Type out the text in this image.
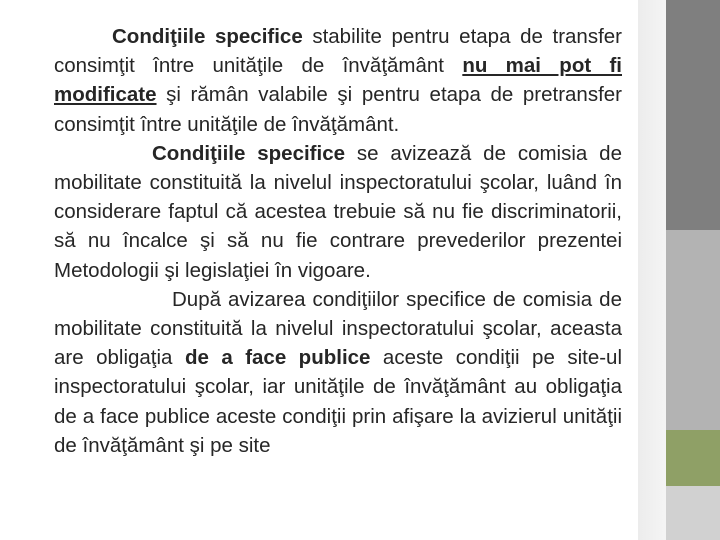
Condiţiile specifice stabilite pentru etapa de transfer consimţit între unităţile de învăţământ nu mai pot fi modificate şi rămân valabile şi pentru etapa de pretransfer consimţit între unităţile de învăţământ.

Condiţiile specifice se avizează de comisia de mobilitate constituită la nivelul inspectoratului şcolar, luând în considerare faptul că acestea trebuie să nu fie discriminatorii, să nu încalce şi să nu fie contrare prevederilor prezentei Metodologii şi legislaţiei în vigoare.

După avizarea condiţiilor specifice de comisia de mobilitate constituită la nivelul inspectoratului şcolar, aceasta are obligaţia de a face publice aceste condiţii pe site-ul inspectoratului şcolar, iar unităţile de învăţământ au obligaţia de a face publice aceste condiţii prin afişare la avizierul unităţii de învăţământ şi pe site
